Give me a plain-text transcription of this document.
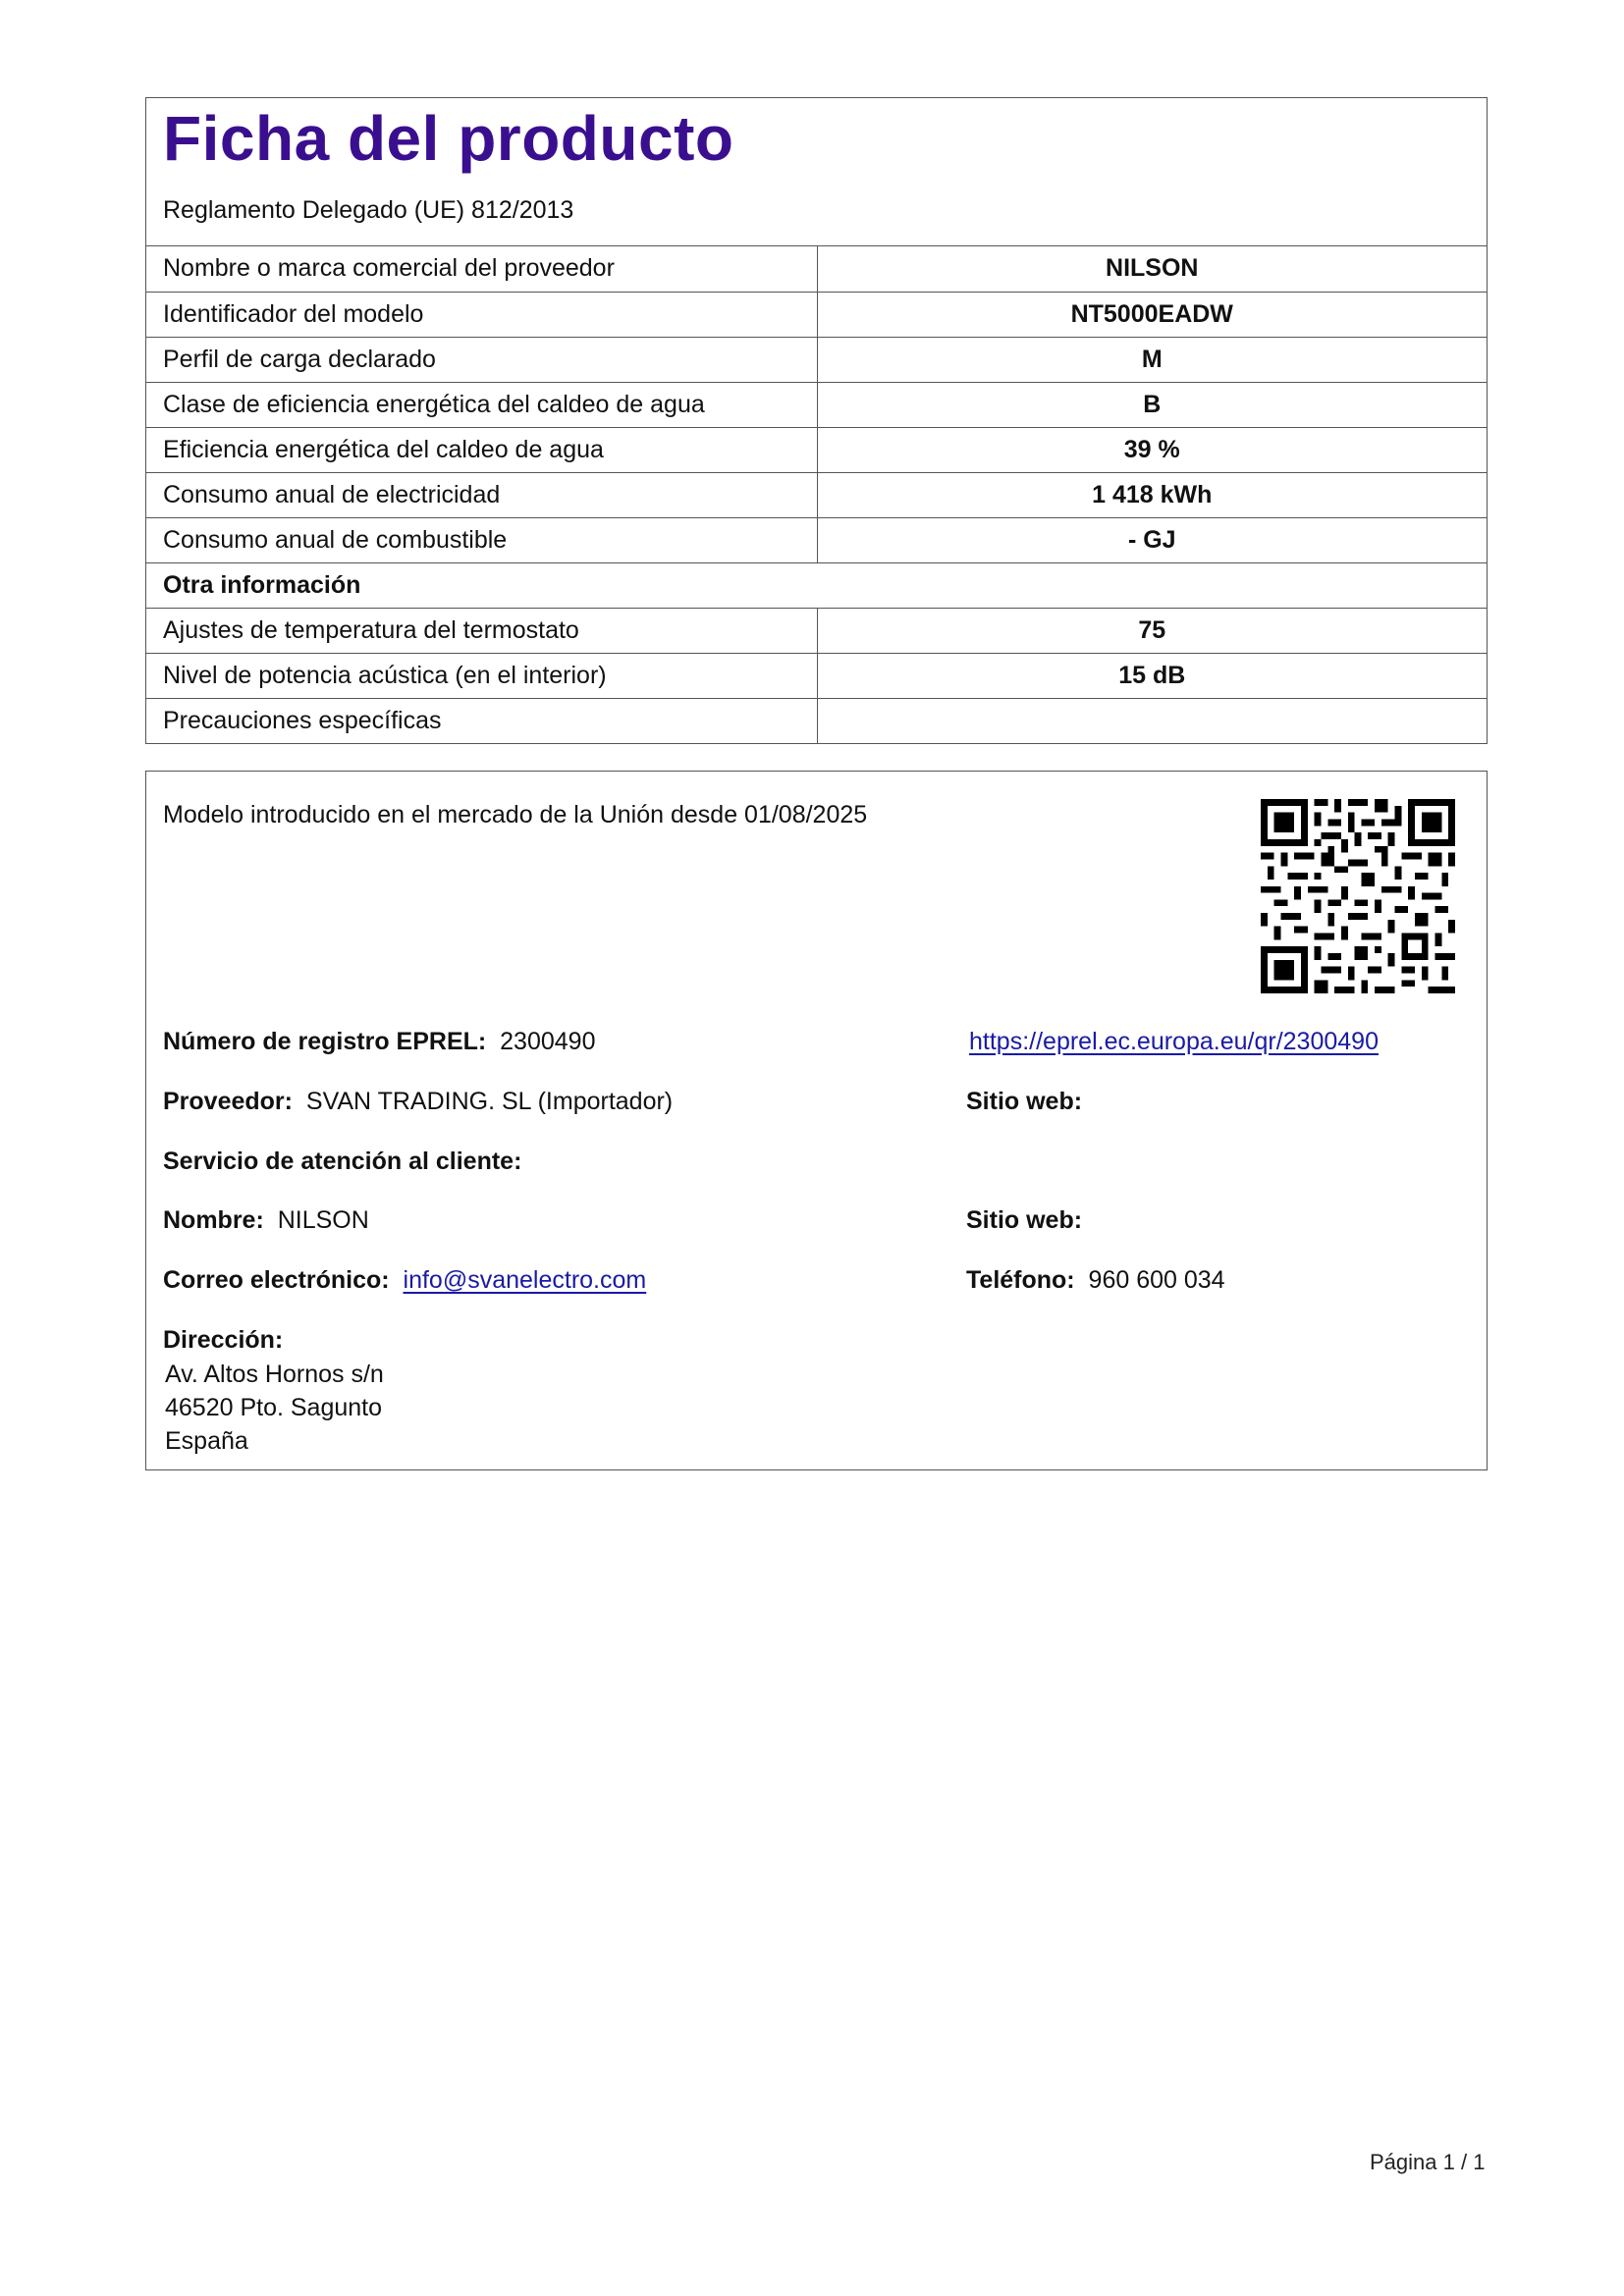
Ficha del producto
Reglamento Delegado (UE) 812/2013
Nombre o marca comercial del proveedor	NILSON
Identificador del modelo	NT5000EADW
Perfil de carga declarado	M
Clase de eficiencia energética del caldeo de agua	B
Eficiencia energética del caldeo de agua	39 %
Consumo anual de electricidad	1 418 kWh
Consumo anual de combustible	- GJ
Otra información	
Ajustes de temperatura del termostato	75
Nivel de potencia acústica (en el interior)	15 dB
Precauciones específicas	
Modelo introducido en el mercado de la Unión desde 01/08/2025
Número de registro EPREL: 2300490	https://eprel.ec.europa.eu/qr/2300490
Proveedor: SVAN TRADING. SL (Importador)	Sitio web:
Servicio de atención al cliente:
Nombre: NILSON	Sitio web:
Correo electrónico: info@svanelectro.com	Teléfono: 960 600 034
Dirección:
Av. Altos Hornos s/n
46520 Pto. Sagunto
España
Página 1 / 1
